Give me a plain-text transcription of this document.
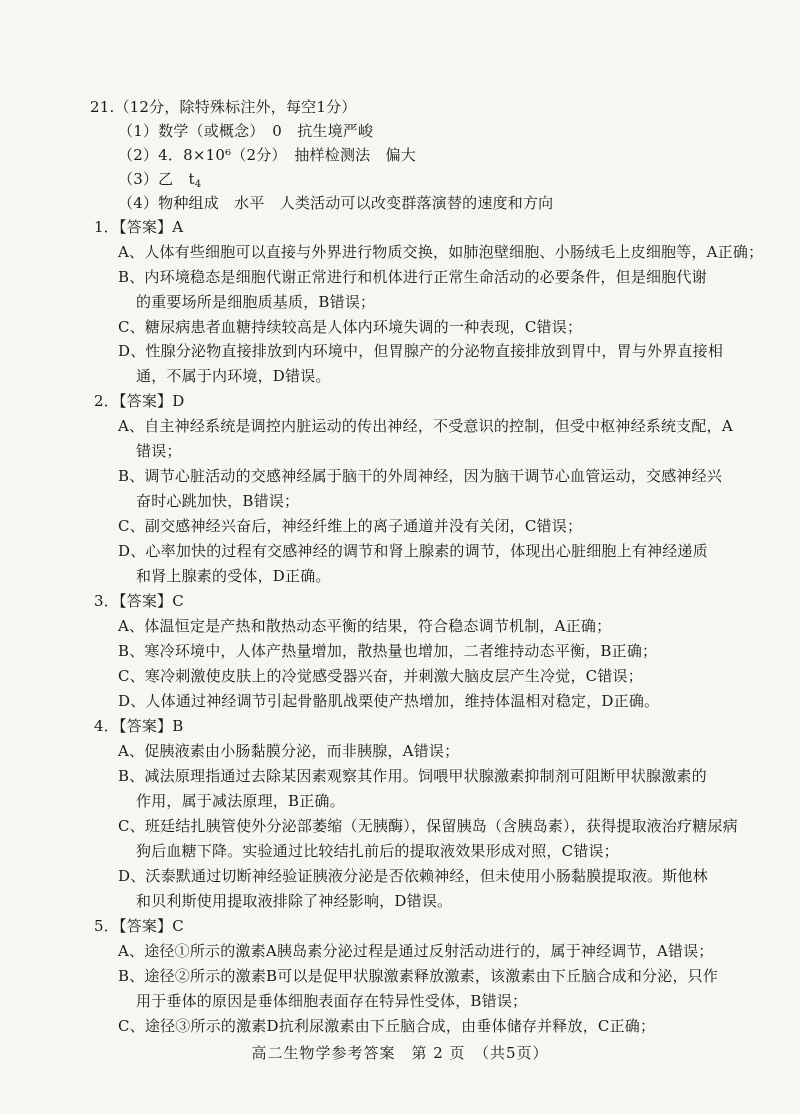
21.（12分，除特殊标注外，每空1分）
（1）数学（或概念）　0　抗生境严峻
（2）4．8×10⁶（2分）　抽样检测法　偏大
（3）乙　$t_4$
（4）物种组成　水平　人类活动可以改变群落演替的速度和方向
1．【答案】A
A、人体有些细胞可以直接与外界进行物质交换，如肺泡壁细胞、小肠绒毛上皮细胞等，A正确；
B、内环境稳态是细胞代谢正常进行和机体进行正常生命活动的必要条件，但是细胞代谢
的重要场所是细胞质基质，B错误；
C、糖尿病患者血糖持续较高是人体内环境失调的一种表现，C错误；
D、性腺分泌物直接排放到内环境中，但胃腺产的分泌物直接排放到胃中，胃与外界直接相
通，不属于内环境，D错误。
2．【答案】D
A、自主神经系统是调控内脏运动的传出神经，不受意识的控制，但受中枢神经系统支配，A
错误；
B、调节心脏活动的交感神经属于脑干的外周神经，因为脑干调节心血管运动，交感神经兴
奋时心跳加快，B错误；
C、副交感神经兴奋后，神经纤维上的离子通道并没有关闭，C错误；
D、心率加快的过程有交感神经的调节和肾上腺素的调节，体现出心脏细胞上有神经递质
和肾上腺素的受体，D正确。
3．【答案】C
A、体温恒定是产热和散热动态平衡的结果，符合稳态调节机制，A正确；
B、寒冷环境中，人体产热量增加，散热量也增加，二者维持动态平衡，B正确；
C、寒冷刺激使皮肤上的冷觉感受器兴奋，并刺激大脑皮层产生冷觉，C错误；
D、人体通过神经调节引起骨骼肌战栗使产热增加，维持体温相对稳定，D正确。
4．【答案】B
A、促胰液素由小肠黏膜分泌，而非胰腺，A错误；
B、减法原理指通过去除某因素观察其作用。饲喂甲状腺激素抑制剂可阻断甲状腺激素的
作用，属于减法原理，B正确。
C、班廷结扎胰管使外分泌部萎缩（无胰酶），保留胰岛（含胰岛素），获得提取液治疗糖尿病
狗后血糖下降。实验通过比较结扎前后的提取液效果形成对照，C错误；
D、沃泰默通过切断神经验证胰液分泌是否依赖神经，但未使用小肠黏膜提取液。斯他林
和贝利斯使用提取液排除了神经影响，D错误。
5．【答案】C
A、途径①所示的激素A胰岛素分泌过程是通过反射活动进行的，属于神经调节，A错误；
B、途径②所示的激素B可以是促甲状腺激素释放激素，该激素由下丘脑合成和分泌，只作
用于垂体的原因是垂体细胞表面存在特异性受体，B错误；
C、途径③所示的激素D抗利尿激素由下丘脑合成，由垂体储存并释放，C正确；
高二生物学参考答案　第 2 页　（共5页）
